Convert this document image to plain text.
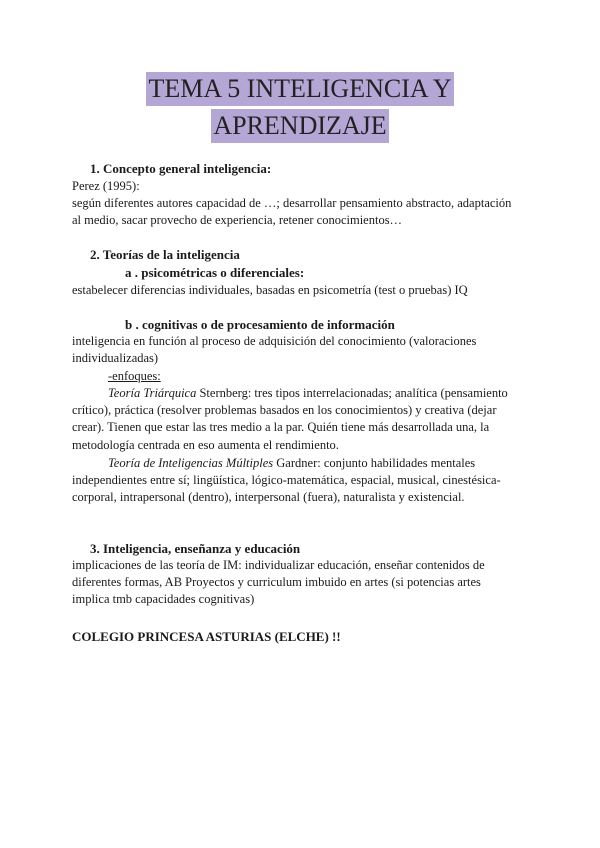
TEMA 5 INTELIGENCIA Y
APRENDIZAJE
1. Concepto general inteligencia:
Perez (1995):
según diferentes autores capacidad de …; desarrollar pensamiento abstracto, adaptación al medio, sacar provecho de experiencia, retener conocimientos…
2. Teorías de la inteligencia
a . psicométricas o diferenciales:
estabelecer diferencias individuales, basadas en psicometría (test o pruebas) IQ
b . cognitivas o de procesamiento de información
inteligencia en función al proceso de adquisición del conocimiento (valoraciones individualizadas)
-enfoques:
Teoría Triárquica Sternberg: tres tipos interrelacionadas; analítica (pensamiento crítico), práctica (resolver problemas basados en los conocimientos) y creativa (dejar crear). Tienen que estar las tres medio a la par. Quién tiene más desarrollada una, la metodología centrada en eso aumenta el rendimiento.
Teoría de Inteligencias Múltiples Gardner: conjunto habilidades mentales independientes entre sí; lingüística, lógico-matemática, espacial, musical, cinestésica-corporal, intrapersonal (dentro), interpersonal (fuera), naturalista y existencial.
3. Inteligencia, enseñanza y educación
implicaciones de las teoría de IM: individualizar educación, enseñar contenidos de diferentes formas, AB Proyectos y curriculum imbuido en artes (si potencias artes implica tmb capacidades cognitivas)
COLEGIO PRINCESA ASTURIAS (ELCHE) !!
